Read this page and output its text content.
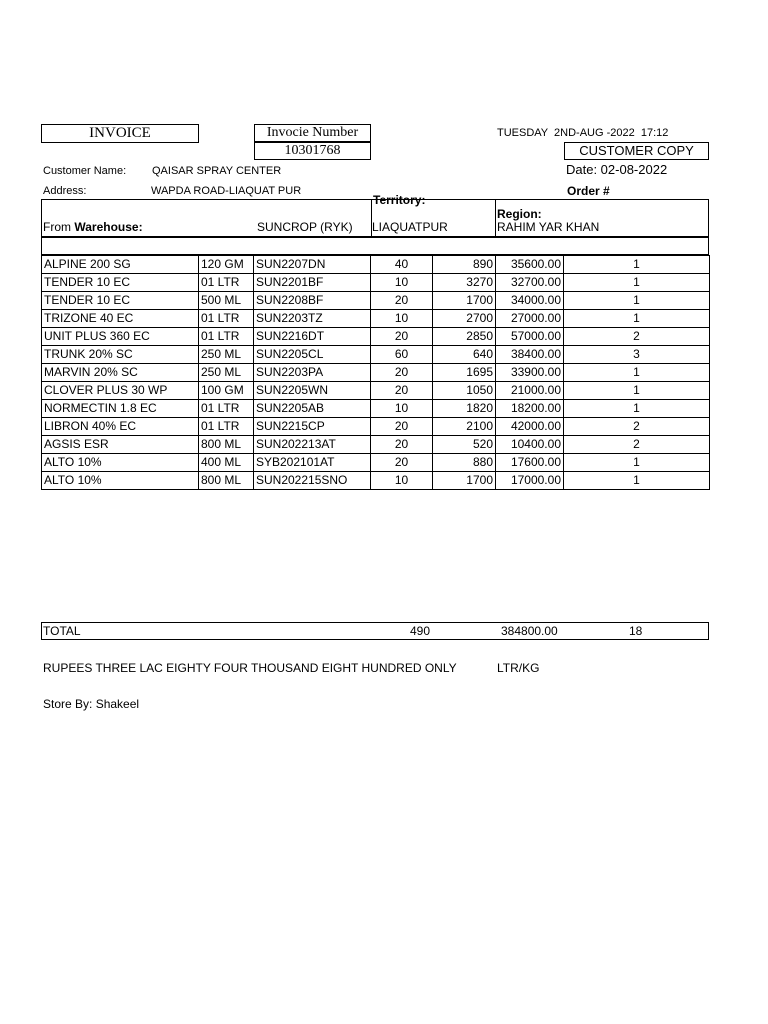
INVOICE	Invocie Number
10301768
TUESDAY  2ND-AUG -2022  17:12
CUSTOMER COPY
Date: 02-08-2022
Customer Name: QAISAR SPRAY CENTER
Address:	WAPDA ROAD-LIAQUAT PUR	Order #
From Warehouse:	SUNCROP (RYK)
Territory:
LIAQUATPUR
Region:
RAHIM YAR KHAN
ALPINE 200 SG	120 GM	SUN2207DN	40	890	35600.00	1
TENDER 10 EC	01 LTR	SUN2201BF	10	3270	32700.00	1
TENDER 10 EC	500 ML	SUN2208BF	20	1700	34000.00	1
TRIZONE 40 EC	01 LTR	SUN2203TZ	10	2700	27000.00	1
UNIT PLUS 360 EC	01 LTR	SUN2216DT	20	2850	57000.00	2
TRUNK 20% SC	250 ML	SUN2205CL	60	640	38400.00	3
MARVIN 20% SC	250 ML	SUN2203PA	20	1695	33900.00	1
CLOVER PLUS 30 WP	100 GM	SUN2205WN	20	1050	21000.00	1
NORMECTIN 1.8 EC	01 LTR	SUN2205AB	10	1820	18200.00	1
LIBRON 40% EC	01 LTR	SUN2215CP	20	2100	42000.00	2
AGSIS ESR	800 ML	SUN202213AT	20	520	10400.00	2
ALTO 10%	400 ML	SYB202101AT	20	880	17600.00	1
ALTO 10%	800 ML	SUN202215SNO	10	1700	17000.00	1
TOTAL	490	384800.00	18
RUPEES THREE LAC EIGHTY FOUR THOUSAND EIGHT HUNDRED ONLY	LTR/KG
Store By: Shakeel
